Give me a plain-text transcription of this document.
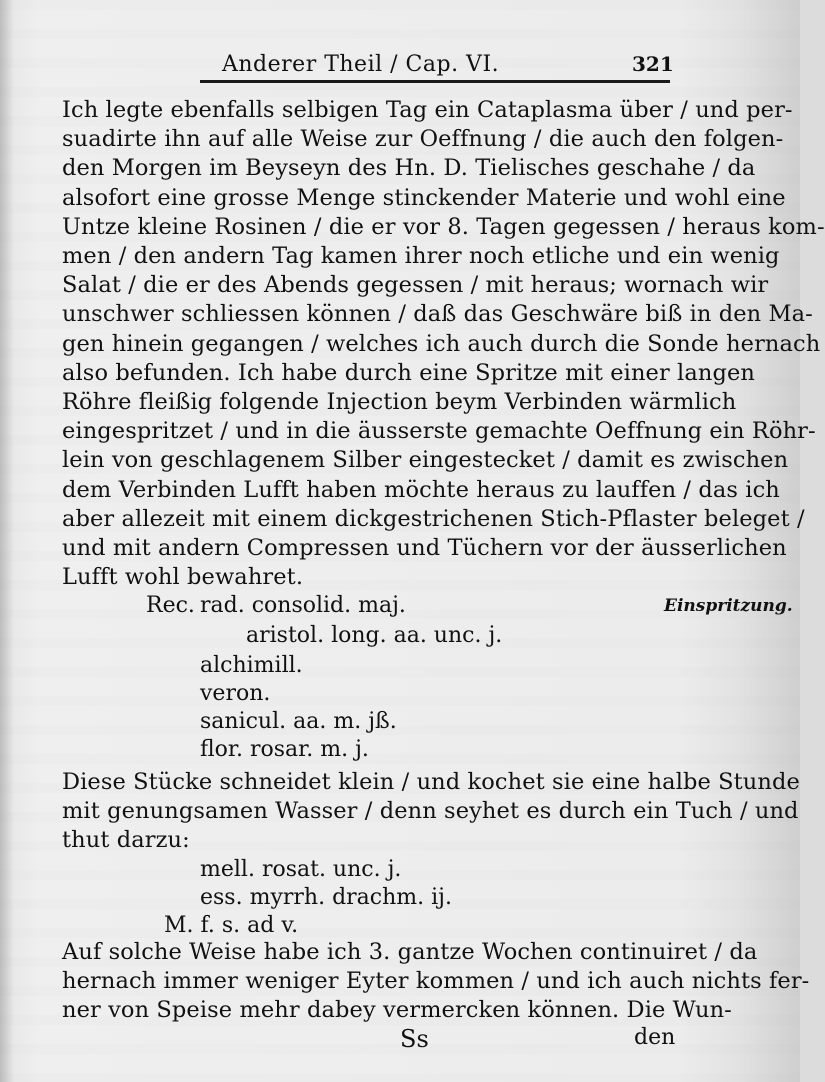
Anderer Theil / Cap. VI.	321
Ich legte ebenfalls selbigen Tag ein Cataplasma über / und per-
suadirte ihn auf alle Weise zur Oeffnung / die auch den folgen-
den Morgen im Beyseyn des Hn. D. Tielisches geschahe / da
alsofort eine grosse Menge stinckender Materie und wohl eine
Untze kleine Rosinen / die er vor 8. Tagen gegessen / heraus kom-
men / den andern Tag kamen ihrer noch etliche und ein wenig
Salat / die er des Abends gegessen / mit heraus; wornach wir
unschwer schliessen können / daß das Geschwäre biß in den Ma-
gen hinein gegangen / welches ich auch durch die Sonde hernach
also befunden. Ich habe durch eine Spritze mit einer langen
Röhre fleißig folgende Injection beym Verbinden wärmlich
eingespritzet / und in die äusserste gemachte Oeffnung ein Röhr-
lein von geschlagenem Silber eingestecket / damit es zwischen
dem Verbinden Lufft haben möchte heraus zu lauffen / das ich
aber allezeit mit einem dickgestrichenen Stich-Pflaster beleget /
und mit andern Compressen und Tüchern vor der äusserlichen
Lufft wohl bewahret.
Einspritzung.
Rec. rad. consolid. maj.
aristol. long. aa. unc. j.
alchimill.
veron.
sanicul. aa. m. jß.
flor. rosar. m. j.
Diese Stücke schneidet klein / und kochet sie eine halbe Stunde
mit genungsamen Wasser / denn seyhet es durch ein Tuch / und
thut darzu:
mell. rosat. unc. j.
ess. myrrh. drachm. ij.
M. f. s. ad v.
Auf solche Weise habe ich 3. gantze Wochen continuiret / da
hernach immer weniger Eyter kommen / und ich auch nichts fer-
ner von Speise mehr dabey vermercken können. Die Wun-
Ss	den
